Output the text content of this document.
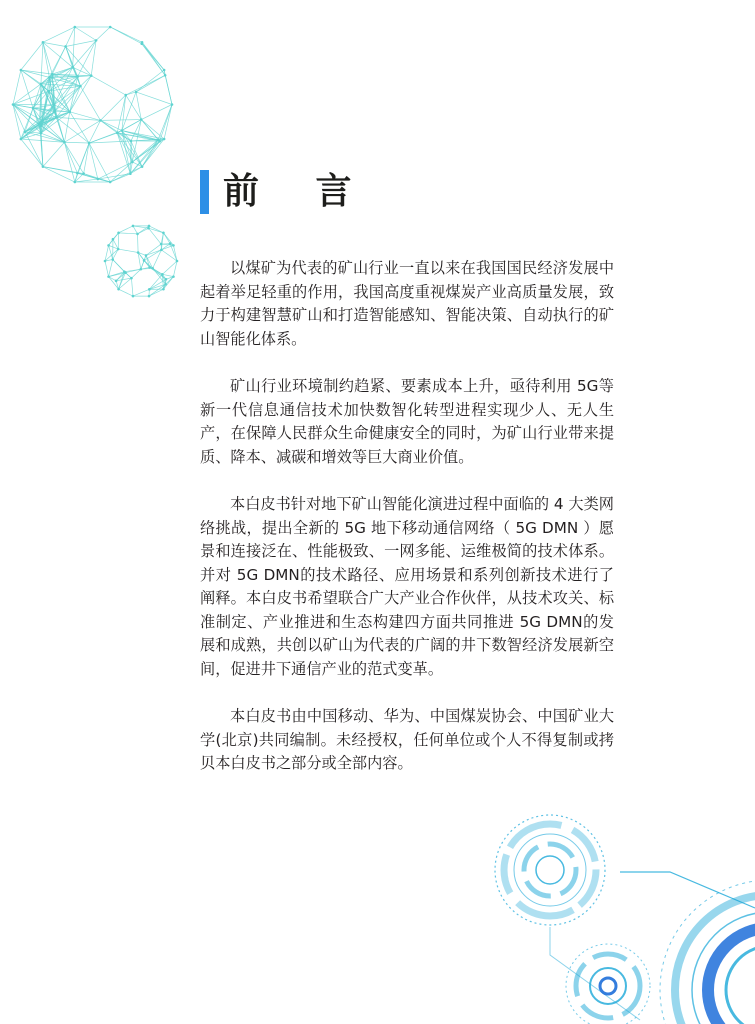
前 言

以煤矿为代表的矿山行业一直以来在我国国民经济发展中起着举足轻重的作用，我国高度重视煤炭产业高质量发展，致力于构建智慧矿山和打造智能感知、智能决策、自动执行的矿山智能化体系。

矿山行业环境制约趋紧、要素成本上升，亟待利用 5G等新一代信息通信技术加快数智化转型进程实现少人、无人生产，在保障人民群众生命健康安全的同时，为矿山行业带来提质、降本、减碳和增效等巨大商业价值。

本白皮书针对地下矿山智能化演进过程中面临的 4 大类网络挑战，提出全新的 5G 地下移动通信网络（ 5G DMN ）愿景和连接泛在、性能极致、一网多能、运维极简的技术体系。并对 5G DMN的技术路径、应用场景和系列创新技术进行了阐释。本白皮书希望联合广大产业合作伙伴，从技术攻关、标准制定、产业推进和生态构建四方面共同推进 5G DMN的发展和成熟，共创以矿山为代表的广阔的井下数智经济发展新空间，促进井下通信产业的范式变革。

本白皮书由中国移动、华为、中国煤炭协会、中国矿业大学(北京)共同编制。未经授权，任何单位或个人不得复制或拷贝本白皮书之部分或全部内容。
